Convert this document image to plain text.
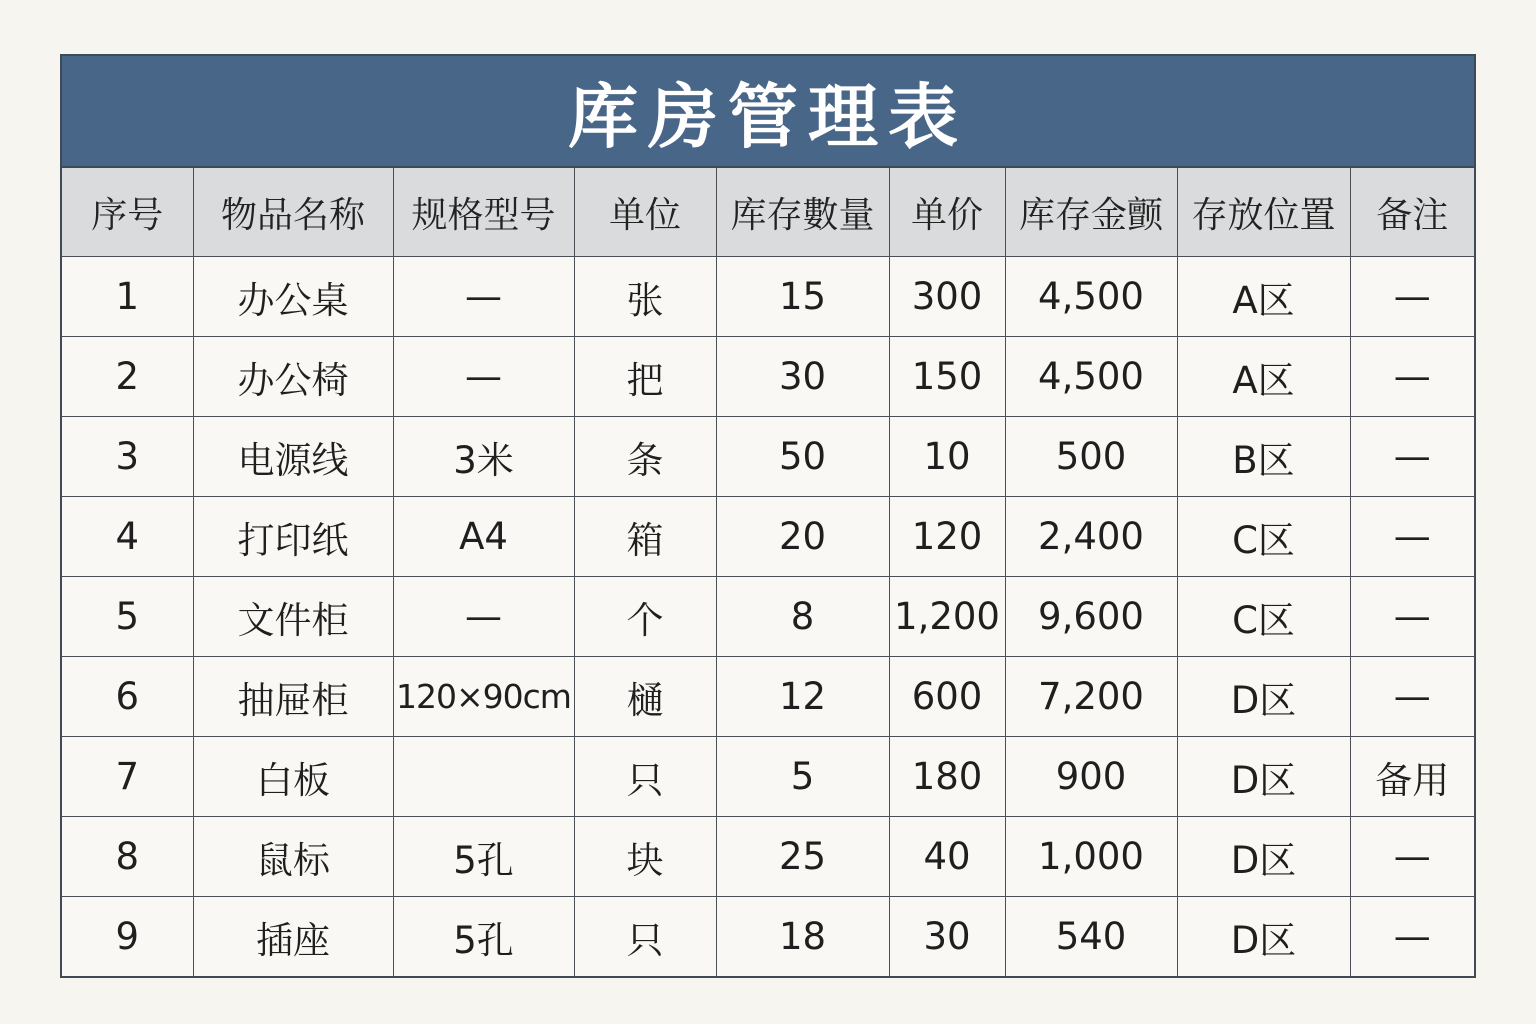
库房管理表
序号	物品名称	规格型号	单位	库存數量	单价	库存金颤	存放位置	备注
1	办公桌	—	张	15	300	4,500	A区	—
2	办公椅	—	把	30	150	4,500	A区	—
3	电源线	3米	条	50	10	500	B区	—
4	打印纸	A4	箱	20	120	2,400	C区	—
5	文件柜	—	个	8	1,200	9,600	C区	—
6	抽屉柜	120×90cm	樋	12	600	7,200	D区	—
7	白板		只	5	180	900	D区	备用
8	鼠标	5孔	块	25	40	1,000	D区	—
9	插座	5孔	只	18	30	540	D区	—
